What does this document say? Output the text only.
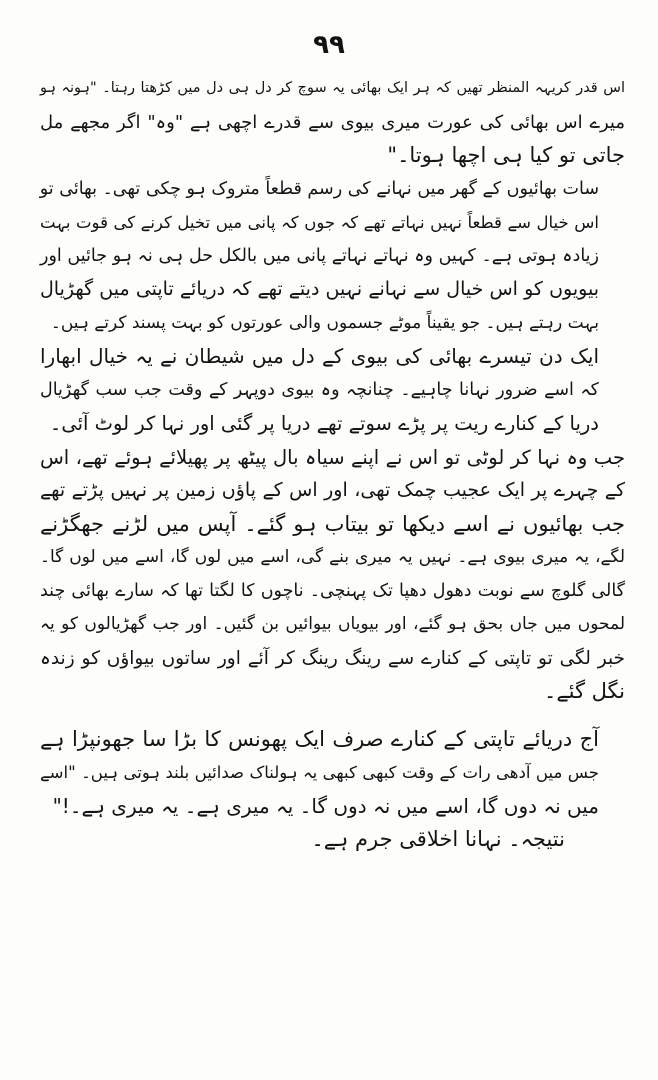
۹۹

اس قدر کریہہ المنظر تھیں کہ ہر ایک بھائی یہ سوچ کر دل ہی دل میں کڑھتا رہتا۔ "ہونہ ہو
میرے اس بھائی کی عورت میری بیوی سے قدرے اچھی ہے "وہ" اگر مجھے مل
جاتی تو کیا ہی اچھا ہوتا۔"

سات بھائیوں کے گھر میں نہانے کی رسم قطعاً متروک ہو چکی تھی۔ بھائی تو
اس خیال سے قطعاً نہیں نہاتے تھے کہ جوں کہ پانی میں تخیل کرنے کی قوت بہت
زیادہ ہوتی ہے۔ کہیں وہ نہاتے نہاتے پانی میں بالکل حل ہی نہ ہو جائیں اور
بیویوں کو اس خیال سے نہانے نہیں دیتے تھے کہ دریائے تاپتی میں گھڑیال
بہت رہتے ہیں۔ جو یقیناً موٹے جسموں والی عورتوں کو بہت پسند کرتے ہیں۔

ایک دن تیسرے بھائی کی بیوی کے دل میں شیطان نے یہ خیال ابھارا
کہ اسے ضرور نہانا چاہیے۔ چنانچہ وہ بیوی دوپہر کے وقت جب سب گھڑیال
دریا کے کنارے ریت پر پڑے سوتے تھے دریا پر گئی اور نہا کر لوٹ آئی۔

جب وہ نہا کر لوٹی تو اس نے اپنے سیاہ بال پیٹھ پر پھیلائے ہوئے تھے، اس
کے چہرے پر ایک عجیب چمک تھی، اور اس کے پاؤں زمین پر نہیں پڑتے تھے
جب بھائیوں نے اسے دیکھا تو بیتاب ہو گئے۔ آپس میں لڑنے جھگڑنے
لگے، یہ میری بیوی ہے۔ نہیں یہ میری بنے گی، اسے میں لوں گا، اسے میں لوں گا۔
گالی گلوچ سے نوبت دھول دھپا تک پہنچی۔ ناچوں کا لگتا تھا کہ سارے بھائی چند
لمحوں میں جاں بحق ہو گئے، اور بیویاں بیوائیں بن گئیں۔ اور جب گھڑیالوں کو یہ
خبر لگی تو تاپتی کے کنارے سے رینگ رینگ کر آئے اور ساتوں بیواؤں کو زندہ
نگل گئے۔

آج دریائے تاپتی کے کنارے صرف ایک پھونس کا بڑا سا جھونپڑا ہے
جس میں آدھی رات کے وقت کبھی کبھی یہ ہولناک صدائیں بلند ہوتی ہیں۔ "اسے
میں نہ دوں گا، اسے میں نہ دوں گا۔ یہ میری ہے۔ یہ میری ہے۔!"

نتیجہ۔ نہانا اخلاقی جرم ہے۔
